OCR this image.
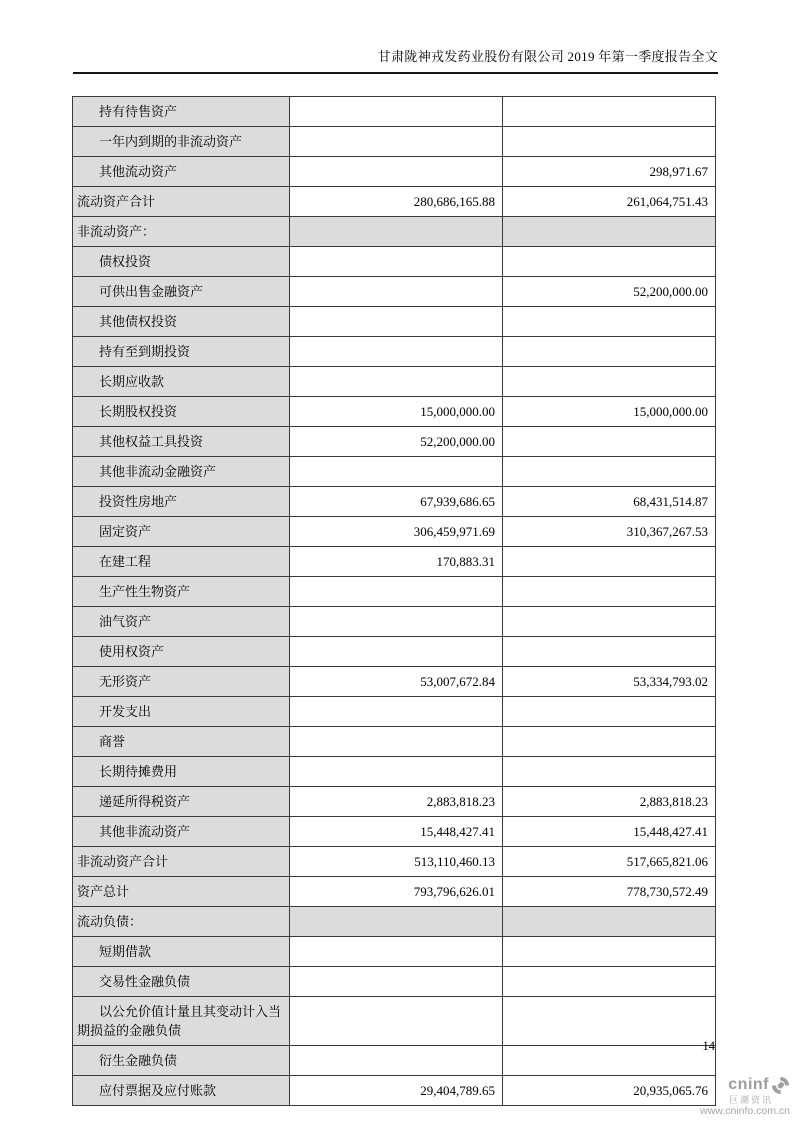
甘肃陇神戎发药业股份有限公司 2019 年第一季度报告全文
持有待售资产		
一年内到期的非流动资产		
其他流动资产		298,971.67
流动资产合计	280,686,165.88	261,064,751.43
非流动资产：		
债权投资		
可供出售金融资产		52,200,000.00
其他债权投资		
持有至到期投资		
长期应收款		
长期股权投资	15,000,000.00	15,000,000.00
其他权益工具投资	52,200,000.00	
其他非流动金融资产		
投资性房地产	67,939,686.65	68,431,514.87
固定资产	306,459,971.69	310,367,267.53
在建工程	170,883.31	
生产性生物资产		
油气资产		
使用权资产		
无形资产	53,007,672.84	53,334,793.02
开发支出		
商誉		
长期待摊费用		
递延所得税资产	2,883,818.23	2,883,818.23
其他非流动资产	15,448,427.41	15,448,427.41
非流动资产合计	513,110,460.13	517,665,821.06
资产总计	793,796,626.01	778,730,572.49
流动负债：		
短期借款		
交易性金融负债		
以公允价值计量且其变动计入当期损益的金融负债		
衍生金融负债		
应付票据及应付账款	29,404,789.65	20,935,065.76
14
cninf
巨潮资讯
www.cninfo.com.cn
